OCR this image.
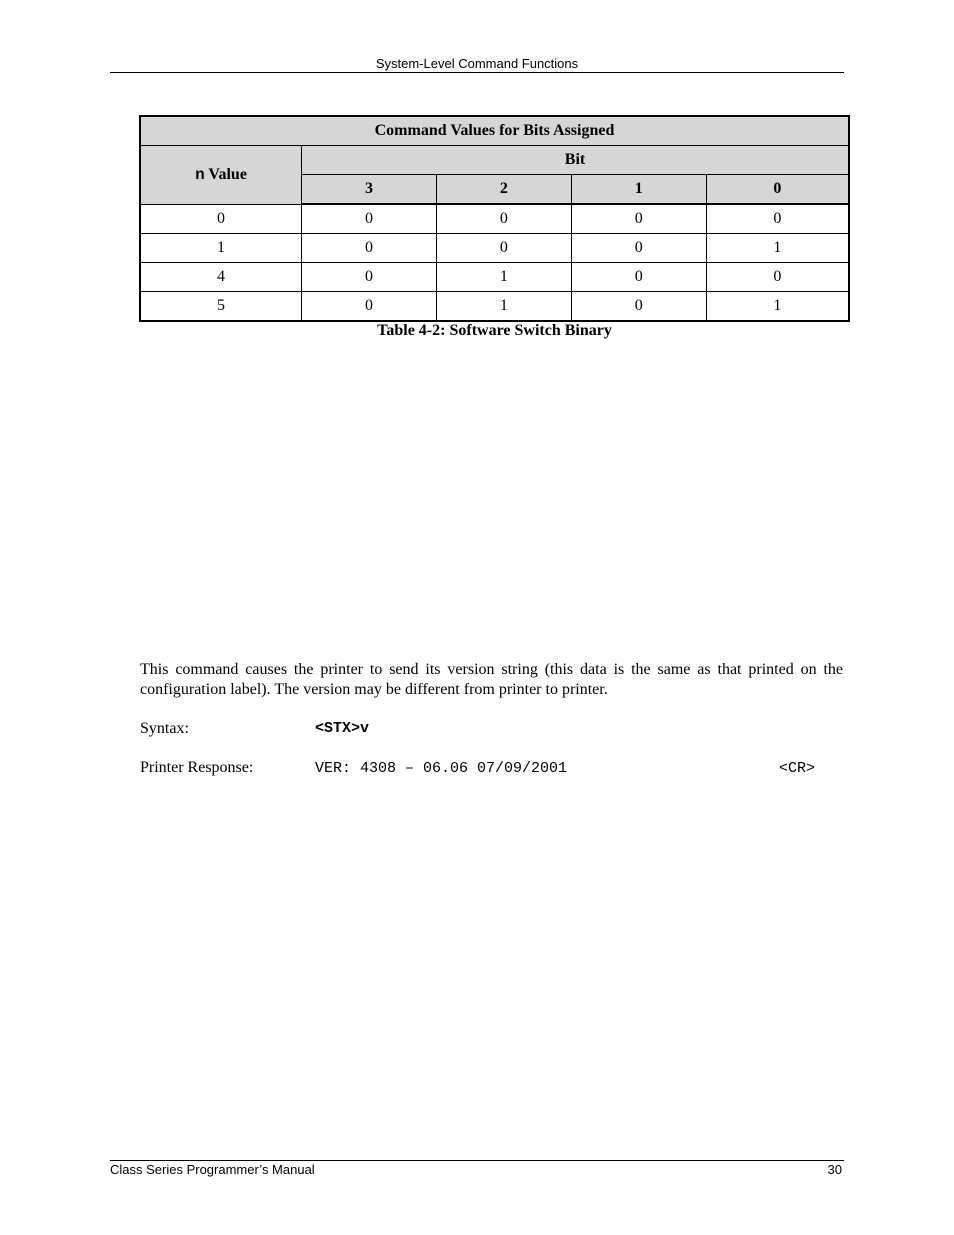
System-Level Command Functions
Command Values for Bits Assigned				
n Value	Bit			
	3	2	1	0
0	0	0	0	0
1	0	0	0	1
4	0	1	0	0
5	0	1	0	1
Table 4-2: Software Switch Binary

This command causes the printer to send its version string (this data is the same as that printed on the configuration label). The version may be different from printer to printer.

Syntax:	<STX>v
Printer Response:	VER: 4308 – 06.06 07/09/2001	<CR>
Class Series Programmer’s Manual	30
